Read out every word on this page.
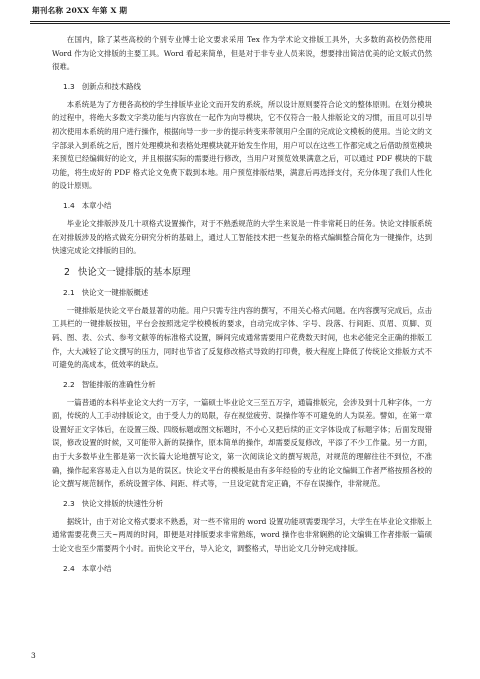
期刊名称 20XX 年第 X 期

在国内，除了某些高校的个别专业博士论文要求采用 Tex 作为学术论文排版工具外，大多数的高校仍然使用 Word 作为论文排版的主要工具。Word 看起来简单，但是对于非专业人员来说，想要排出简洁优美的论文版式仍然很难。

1.3 创新点和技术路线

本系统是为了方便各高校的学生排版毕业论文而开发的系统，所以设计原则要符合论文的整体原则。在划分模块的过程中，将绝大多数文字类功能与内容放在一起作为向导模块，它不仅符合一般人排版论文的习惯，而且可以引导初次使用本系统的用户进行操作，根据向导一步一步的提示转变来带领用户全面的完成论文模板的使用。当论文的文字部录入到系统之后，图片处理模块和表格处理模块就开始发生作用，用户可以在这些工作都完成之后借助预览模块来预览已经编辑好的论文，并且根据实际的需要进行修改，当用户对预览效果满意之后，可以通过 PDF 模块的下载功能，将生成好的 PDF 格式论文免费下载到本地。用户预览排版结果，满意后再选择支付，充分体现了我们人性化的设计原则。

1.4 本章小结

毕业论文排版涉及几十项格式设置操作，对于不熟悉规范的大学生来说是一件非常耗日的任务。快论文排版系统在对排版涉及的格式做充分研究分析的基础上，通过人工智能技术把一些复杂的格式编辑整合简化为一键操作，达到快速完成论文排版的目的。

2 快论文一键排版的基本原理
2.1 快论文一键排版概述

一键排版是快论文平台最显著的功能。用户只需专注内容的撰写，不用关心格式问题。在内容撰写完成后，点击工具栏的一键排版按钮，平台会按照选定学校模板的要求，自动完成字体、字号、段落、行间距、页眉、页脚、页码、图、表、公式、参考文献等的标准格式设置，瞬间完成通常需要用户花费数天时间，也未必能完全正确的排版工作，大大减轻了论文撰写的压力，同时也节省了反复修改格式导致的打印费，极大程度上降低了传统论文排版方式不可避免的高成本，低效率的缺点。

2.2 智能排版的准确性分析

一篇普通的本科毕业论文大约一万字，一篇硕士毕业论文三至五万字，通篇排版完，会涉及到十几种字体，一方面，传统的人工手动排版论文，由于受人力的局限，存在视觉疲劳、误操作等不可避免的人为误差。譬如，在第一章设置好正文字体后，在设置三级、四级标题或图文标题时，不小心又把后续的正文字体设成了标题字体；后面发现错误，修改设置的时候，又可能带入新的误操作，原本简单的操作，却需要反复修改，平添了不少工作量。另一方面，由于大多数毕业生都是第一次长篇大论地撰写论文，第一次阅读论文的撰写规范，对规范的理解往往不到位，不准确，操作起来容易走入自以为是的误区。快论文平台的模板是由有多年经验的专业的论文编辑工作者严格按照各校的论文撰写规范制作，系统设置字体、间距、样式等，一旦设定就肯定正确，不存在误操作，非常规范。

2.3 快论文排版的快速性分析

据统计，由于对论文格式要求不熟悉，对一些不常用的 word 设置功能项需要现学习，大学生在毕业论文排版上通常需要花费三天~两周的时间，即便是对排版要求非常熟练，word 操作也非常娴熟的论文编辑工作者排版一篇硕士论文也至少需要两个小时。而快论文平台，导入论文，调整格式，导出论文几分钟完成排版。

2.4 本章小结
3
